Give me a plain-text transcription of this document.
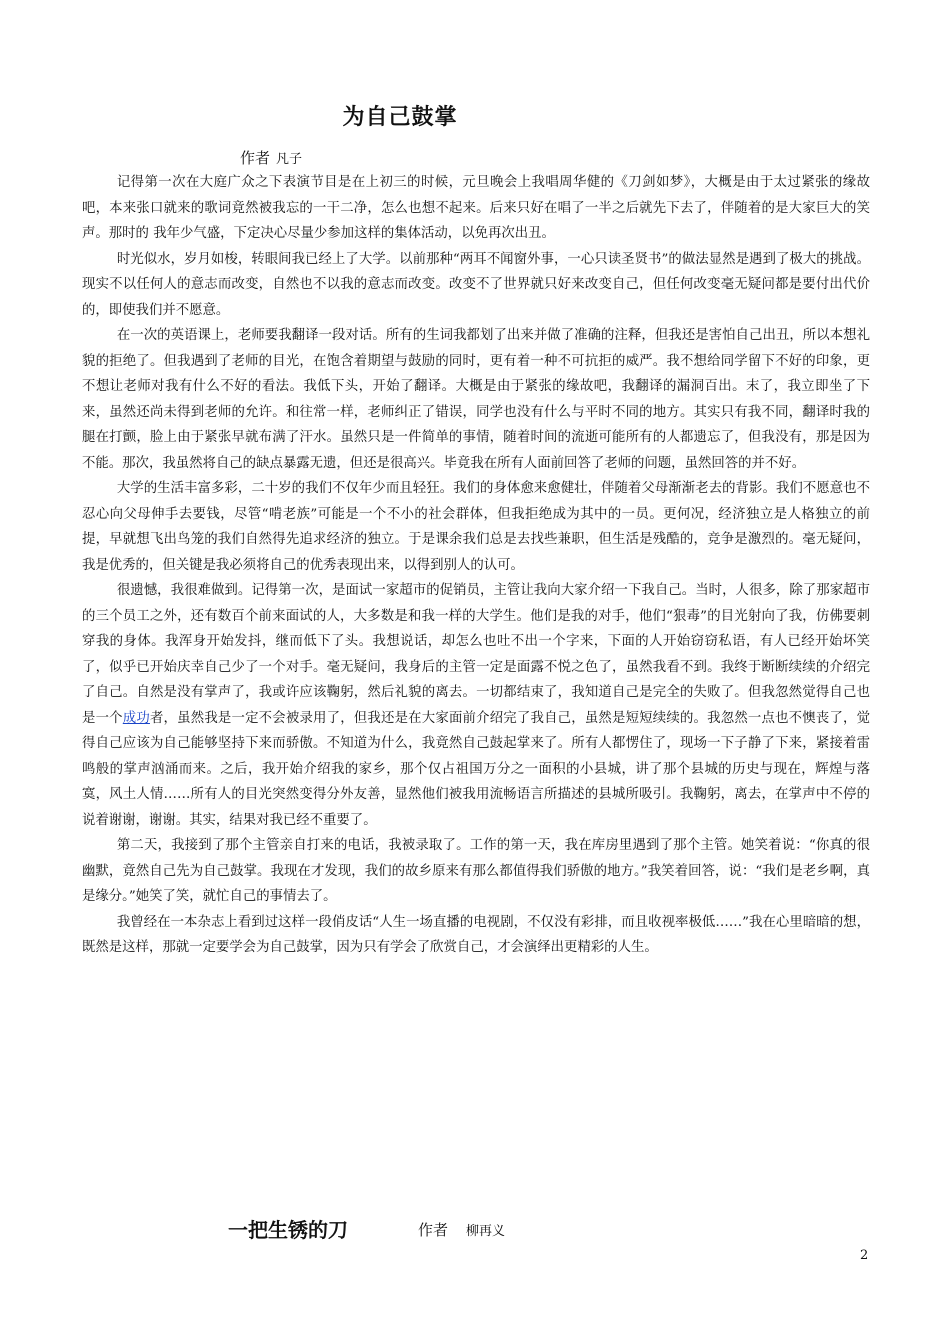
为自己鼓掌
作者 凡子

记得第一次在大庭广众之下表演节目是在上初三的时候，元旦晚会上我唱周华健的《刀剑如梦》，大概是由于太过紧张的缘故吧，本来张口就来的歌词竟然被我忘的一干二净，怎么也想不起来。后来只好在唱了一半之后就先下去了，伴随着的是大家巨大的笑声。那时的 我年少气盛，下定决心尽量少参加这样的集体活动，以免再次出丑。

时光似水，岁月如梭，转眼间我已经上了大学。以前那种“两耳不闻窗外事，一心只读圣贤书”的做法显然是遇到了极大的挑战。现实不以任何人的意志而改变，自然也不以我的意志而改变。改变不了世界就只好来改变自己，但任何改变毫无疑问都是要付出代价的，即使我们并不愿意。

在一次的英语课上，老师要我翻译一段对话。所有的生词我都划了出来并做了准确的注释，但我还是害怕自己出丑，所以本想礼貌的拒绝了。但我遇到了老师的目光，在饱含着期望与鼓励的同时，更有着一种不可抗拒的威严。我不想给同学留下不好的印象，更不想让老师对我有什么不好的看法。我低下头，开始了翻译。大概是由于紧张的缘故吧，我翻译的漏洞百出。末了，我立即坐了下来，虽然还尚未得到老师的允许。和往常一样，老师纠正了错误，同学也没有什么与平时不同的地方。其实只有我不同，翻译时我的腿在打颤，脸上由于紧张早就布满了汗水。虽然只是一件简单的事情，随着时间的流逝可能所有的人都遗忘了，但我没有，那是因为不能。那次，我虽然将自己的缺点暴露无遗，但还是很高兴。毕竟我在所有人面前回答了老师的问题，虽然回答的并不好。

大学的生活丰富多彩，二十岁的我们不仅年少而且轻狂。我们的身体愈来愈健壮，伴随着父母渐渐老去的背影。我们不愿意也不忍心向父母伸手去要钱，尽管“啃老族”可能是一个不小的社会群体，但我拒绝成为其中的一员。更何况，经济独立是人格独立的前提，早就想飞出鸟笼的我们自然得先追求经济的独立。于是课余我们总是去找些兼职，但生活是残酷的，竞争是激烈的。毫无疑问，我是优秀的，但关键是我必须将自己的优秀表现出来，以得到别人的认可。

很遗憾，我很难做到。记得第一次，是面试一家超市的促销员，主管让我向大家介绍一下我自己。当时，人很多，除了那家超市的三个员工之外，还有数百个前来面试的人，大多数是和我一样的大学生。他们是我的对手，他们“狠毒”的目光射向了我，仿佛要刺穿我的身体。我浑身开始发抖，继而低下了头。我想说话，却怎么也吐不出一个字来，下面的人开始窃窃私语，有人已经开始坏笑了，似乎已开始庆幸自己少了一个对手。毫无疑问，我身后的主管一定是面露不悦之色了，虽然我看不到。我终于断断续续的介绍完了自己。自然是没有掌声了，我或许应该鞠躬，然后礼貌的离去。一切都结束了，我知道自己是完全的失败了。但我忽然觉得自己也是一个成功者，虽然我是一定不会被录用了，但我还是在大家面前介绍完了我自己，虽然是短短续续的。我忽然一点也不懊丧了，觉得自己应该为自己能够坚持下来而骄傲。不知道为什么，我竟然自己鼓起掌来了。所有人都愣住了，现场一下子静了下来，紧接着雷鸣般的掌声汹涌而来。之后，我开始介绍我的家乡，那个仅占祖国万分之一面积的小县城，讲了那个县城的历史与现在，辉煌与落寞，风土人情……所有人的目光突然变得分外友善，显然他们被我用流畅语言所描述的县城所吸引。我鞠躬，离去，在掌声中不停的说着谢谢，谢谢。其实，结果对我已经不重要了。

第二天，我接到了那个主管亲自打来的电话，我被录取了。工作的第一天，我在库房里遇到了那个主管。她笑着说：“你真的很幽默，竟然自己先为自己鼓掌。我现在才发现，我们的故乡原来有那么都值得我们骄傲的地方。”我笑着回答，说：“我们是老乡啊，真是缘分。”她笑了笑，就忙自己的事情去了。

我曾经在一本杂志上看到过这样一段俏皮话“人生一场直播的电视剧，不仅没有彩排，而且收视率极低……”我在心里暗暗的想，既然是这样，那就一定要学会为自己鼓掌，因为只有学会了欣赏自己，才会演绎出更精彩的人生。

一把生锈的刀	作者 柳再义
2
